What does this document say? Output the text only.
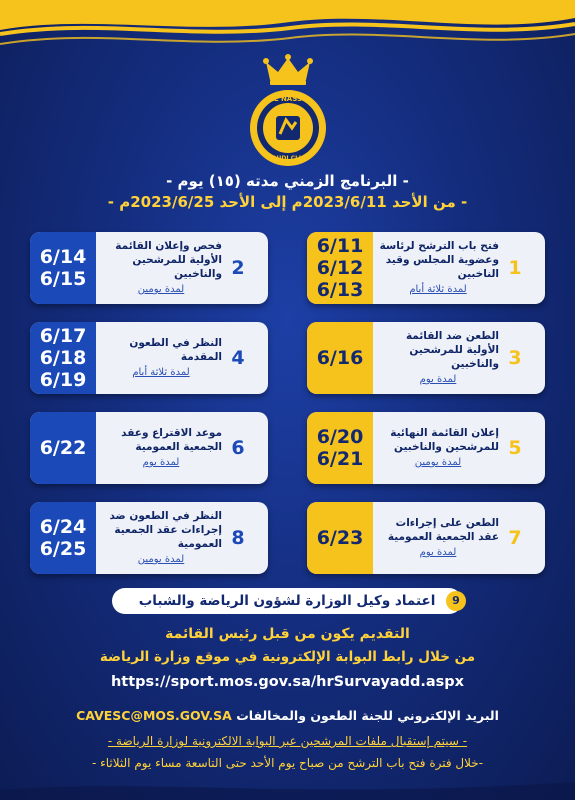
AL NASSR
SAUDI CLUB
- البرنامج الزمني مدته (١٥) يوم -
- من الأحد 2023/6/11م إلى الأحد 2023/6/25م -
6/11
6/12
6/13
فتح باب الترشح لرئاسة وعضوية المجلس وقيد الناخبين
لمدة ثلاثة أيام
1
6/14
6/15
فحص وإعلان القائمة الأولية للمرشحين والناخبين
لمدة يومين
2
6/16
الطعن ضد القائمة الأولية للمرشحين والناخبين
لمدة يوم
3
6/17
6/18
6/19
النظر في الطعون المقدمة
لمدة ثلاثة أيام
4
6/20
6/21
إعلان القائمة النهائية للمرشحين والناخبين
لمدة يومين
5
6/22
موعد الاقتراع وعقد الجمعية العمومية
لمدة يوم
6
6/23
الطعن على إجراءات عقد الجمعية العمومية
لمدة يوم
7
6/24
6/25
النظر في الطعون ضد إجراءات عقد الجمعية العمومية
لمدة يومين
8
اعتماد وكيل الوزارة لشؤون الرياضة والشباب	9
التقديم يكون من قبل رئيس القائمة
من خلال رابط البوابة الإلكترونية في موقع وزارة الرياضة
https://sport.mos.gov.sa/hrSurvayadd.aspx
البريد الإلكتروني للجنة الطعون والمخالفات CAVESC@MOS.GOV.SA
- سيتم إستقبال ملفات المرشحين عبر البوابة الالكترونية لوزارة الرياضة -
-خلال فترة فتح باب الترشح من صباح يوم الأحد حتى التاسعة مساء يوم الثلاثاء -
